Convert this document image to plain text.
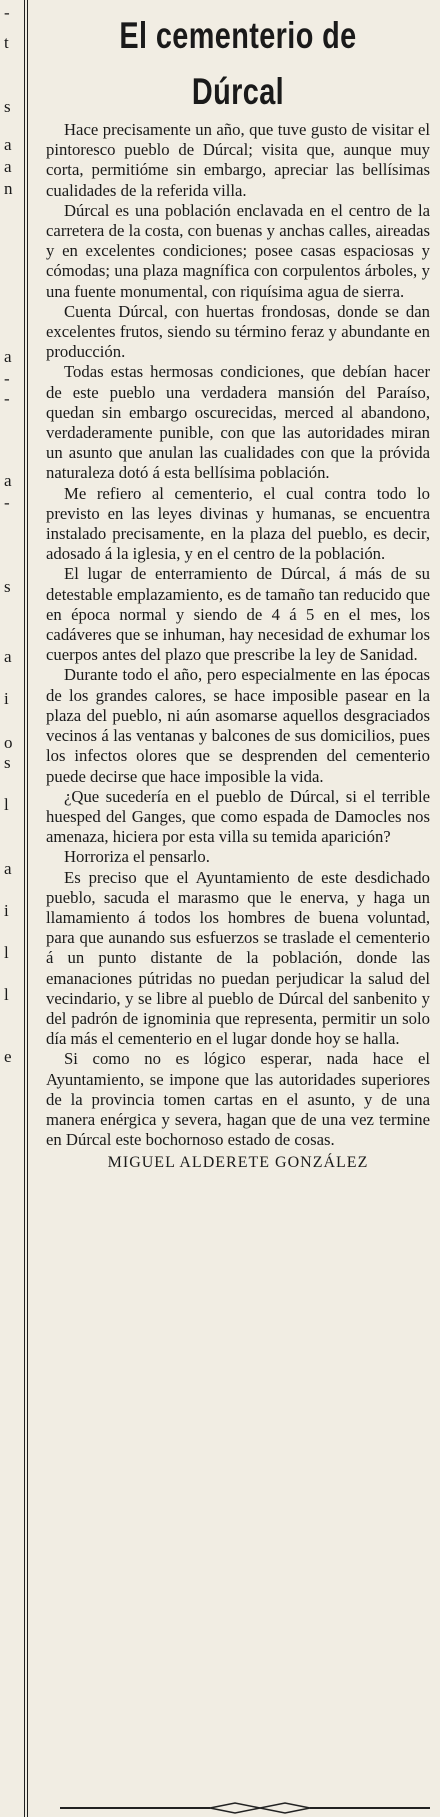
-
t
s
a
a
n
a
-
-
a
-
s
a
i
o
s
l
a
i
l
l
e
El cementerio de Dúrcal

Hace precisamente un año, que tuve gusto de visitar el pintoresco pueblo de Dúrcal; visita que, aunque muy corta, permitióme sin embargo, apreciar las bellísimas cualidades de la referida villa.

Dúrcal es una población enclavada en el centro de la carretera de la costa, con buenas y anchas calles, aireadas y en excelentes condiciones; posee casas espaciosas y cómodas; una plaza magnífica con corpulentos árboles, y una fuente monumental, con riquísima agua de sierra.

Cuenta Dúrcal, con huertas frondosas, donde se dan excelentes frutos, siendo su término feraz y abundante en producción.

Todas estas hermosas condiciones, que debían hacer de este pueblo una verdadera mansión del Paraíso, quedan sin embargo oscurecidas, merced al abandono, verdaderamente punible, con que las autoridades miran un asunto que anulan las cualidades con que la próvida naturaleza dotó á esta bellísima población.

Me refiero al cementerio, el cual contra todo lo previsto en las leyes divinas y humanas, se encuentra instalado precisamente, en la plaza del pueblo, es decir, adosado á la iglesia, y en el centro de la población.

El lugar de enterramiento de Dúrcal, á más de su detestable emplazamiento, es de tamaño tan reducido que en época normal y siendo de 4 á 5 en el mes, los cadáveres que se inhuman, hay necesidad de exhumar los cuerpos antes del plazo que prescribe la ley de Sanidad.

Durante todo el año, pero especialmente en las épocas de los grandes calores, se hace imposible pasear en la plaza del pueblo, ni aún asomarse aquellos desgraciados vecinos á las ventanas y balcones de sus domicilios, pues los infectos olores que se desprenden del cementerio puede decirse que hace imposible la vida.

¿Que sucedería en el pueblo de Dúrcal, si el terrible huesped del Ganges, que como espada de Damocles nos amenaza, hiciera por esta villa su temida aparición?

Horroriza el pensarlo.

Es preciso que el Ayuntamiento de este desdichado pueblo, sacuda el marasmo que le enerva, y haga un llamamiento á todos los hombres de buena voluntad, para que aunando sus esfuerzos se traslade el cementerio á un punto distante de la población, donde las emanaciones pútridas no puedan perjudicar la salud del vecindario, y se libre al pueblo de Dúrcal del sanbenito y del padrón de ignominia que representa, permitir un solo día más el cementerio en el lugar donde hoy se halla.

Si como no es lógico esperar, nada hace el Ayuntamiento, se impone que las autoridades superiores de la provincia tomen cartas en el asunto, y de una manera enérgica y severa, hagan que de una vez termine en Dúrcal este bochornoso estado de cosas.

MIGUEL ALDERETE GONZÁLEZ
